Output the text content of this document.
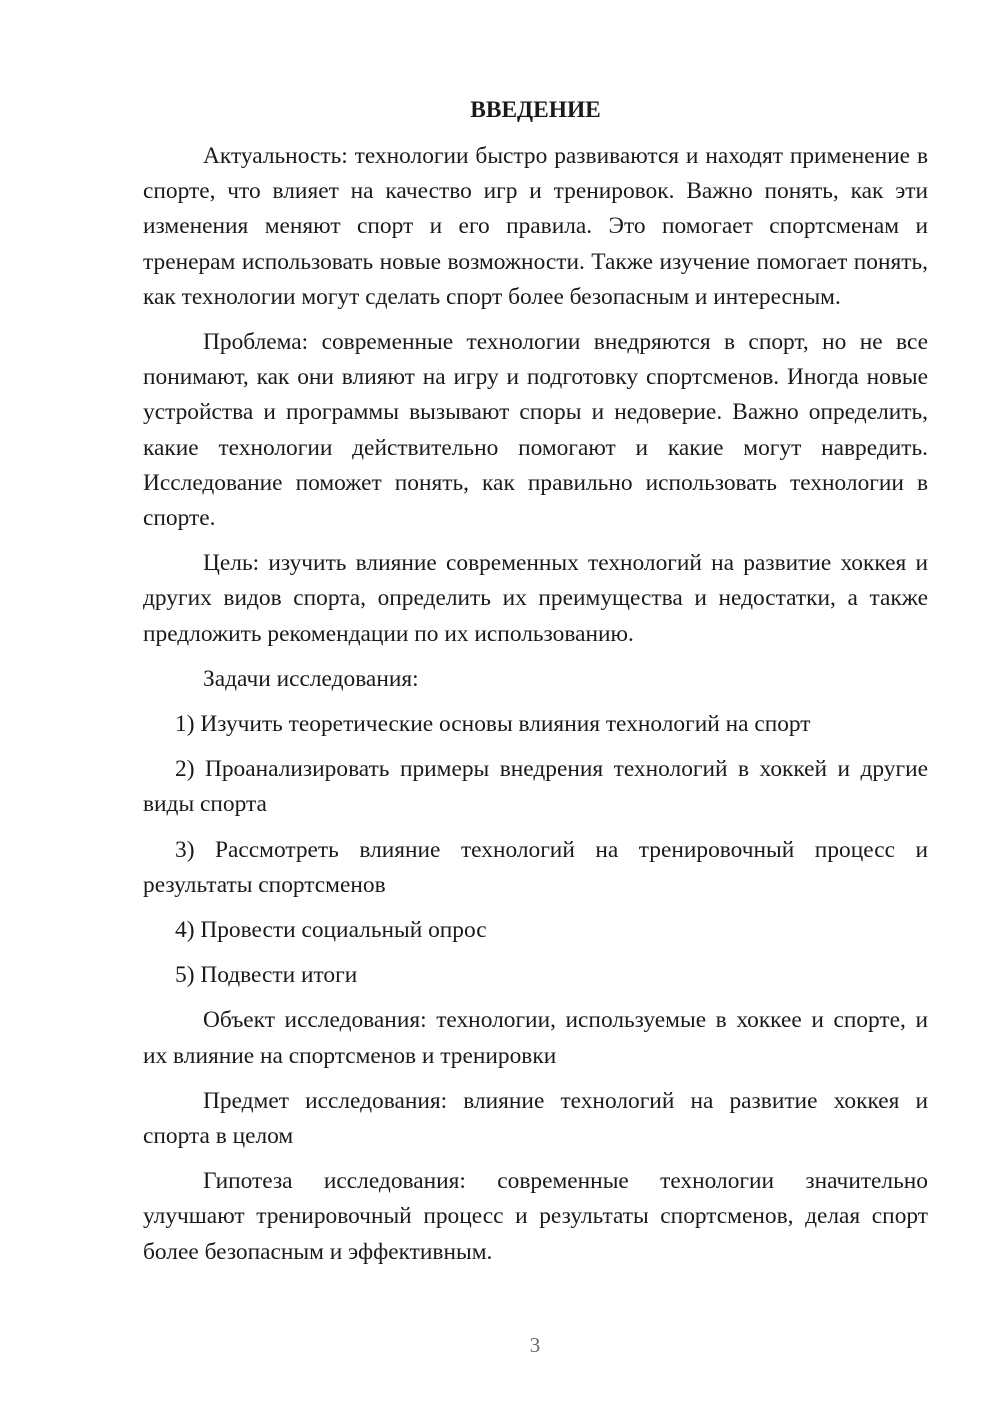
ВВЕДЕНИЕ

Актуальность: технологии быстро развиваются и находят применение в спорте, что влияет на качество игр и тренировок. Важно понять, как эти изменения меняют спорт и его правила. Это помогает спортсменам и тренерам использовать новые возможности. Также изучение помогает понять, как технологии могут сделать спорт более безопасным и интересным.

Проблема: современные технологии внедряются в спорт, но не все понимают, как они влияют на игру и подготовку спортсменов. Иногда новые устройства и программы вызывают споры и недоверие. Важно определить, какие технологии действительно помогают и какие могут навредить. Исследование поможет понять, как правильно использовать технологии в спорте.

Цель: изучить влияние современных технологий на развитие хоккея и других видов спорта, определить их преимущества и недостатки, а также предложить рекомендации по их использованию.

Задачи исследования:

1) Изучить теоретические основы влияния технологий на спорт

2) Проанализировать примеры внедрения технологий в хоккей и другие виды спорта

3) Рассмотреть влияние технологий на тренировочный процесс и результаты спортсменов

4) Провести социальный опрос

5) Подвести итоги

Объект исследования: технологии, используемые в хоккее и спорте, и их влияние на спортсменов и тренировки

Предмет исследования: влияние технологий на развитие хоккея и спорта в целом

Гипотеза исследования: современные технологии значительно улучшают тренировочный процесс и результаты спортсменов, делая спорт более безопасным и эффективным.

3
